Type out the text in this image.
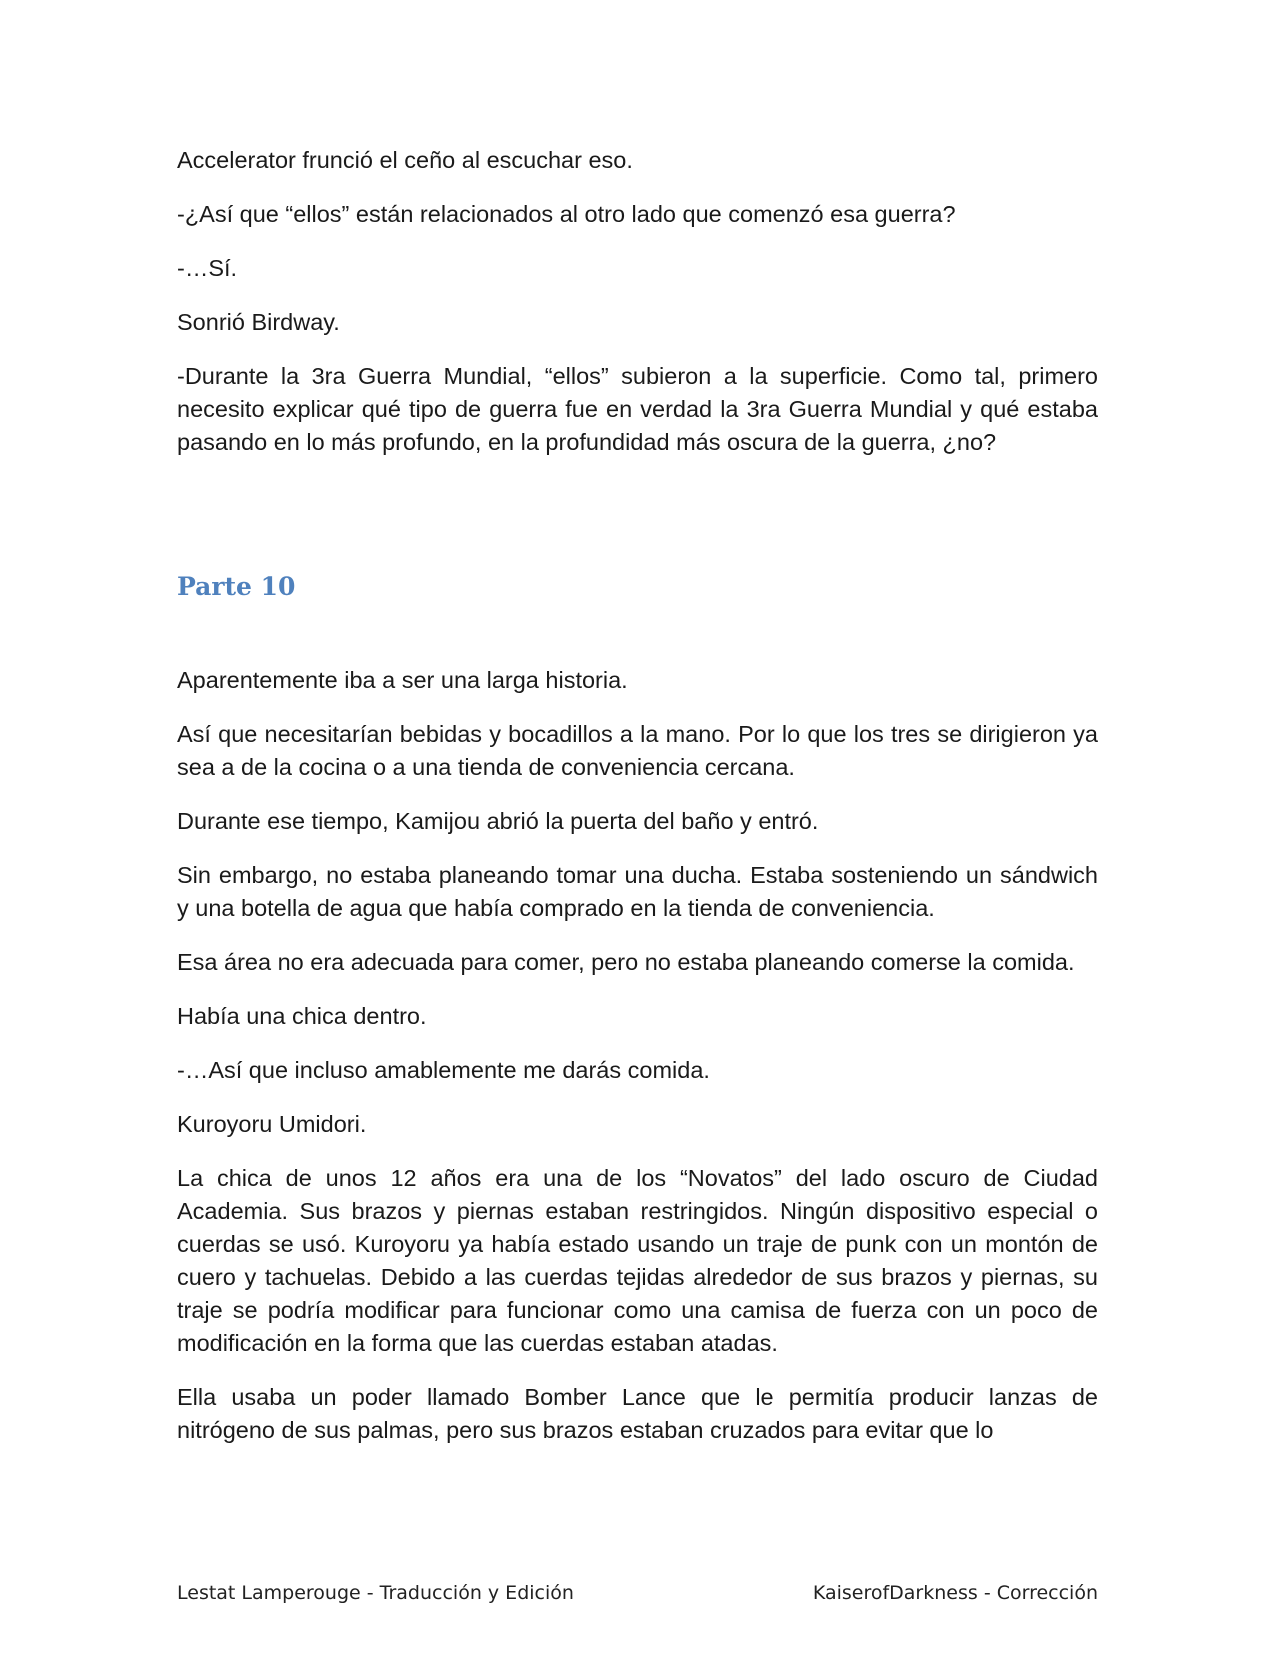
Accelerator frunció el ceño al escuchar eso.

-¿Así que “ellos” están relacionados al otro lado que comenzó esa guerra?

-…Sí.

Sonrió Birdway.

-Durante la 3ra Guerra Mundial, “ellos” subieron a la superficie. Como tal, primero necesito explicar qué tipo de guerra fue en verdad la 3ra Guerra Mundial y qué estaba pasando en lo más profundo, en la profundidad más oscura de la guerra, ¿no?

Parte 10

Aparentemente iba a ser una larga historia.

Así que necesitarían bebidas y bocadillos a la mano. Por lo que los tres se dirigieron ya sea a de la cocina o a una tienda de conveniencia cercana.

Durante ese tiempo, Kamijou abrió la puerta del baño y entró.

Sin embargo, no estaba planeando tomar una ducha. Estaba sosteniendo un sándwich y una botella de agua que había comprado en la tienda de conveniencia.

Esa área no era adecuada para comer, pero no estaba planeando comerse la comida.

Había una chica dentro.

-…Así que incluso amablemente me darás comida.

Kuroyoru Umidori.

La chica de unos 12 años era una de los “Novatos” del lado oscuro de Ciudad Academia. Sus brazos y piernas estaban restringidos. Ningún dispositivo especial o cuerdas se usó. Kuroyoru ya había estado usando un traje de punk con un montón de cuero y tachuelas. Debido a las cuerdas tejidas alrededor de sus brazos y piernas, su traje se podría modificar para funcionar como una camisa de fuerza con un poco de modificación en la forma que las cuerdas estaban atadas.

Ella usaba un poder llamado Bomber Lance que le permitía producir lanzas de nitrógeno de sus palmas, pero sus brazos estaban cruzados para evitar que lo

Lestat Lamperouge - Traducción y Edición	KaiserofDarkness - Corrección
